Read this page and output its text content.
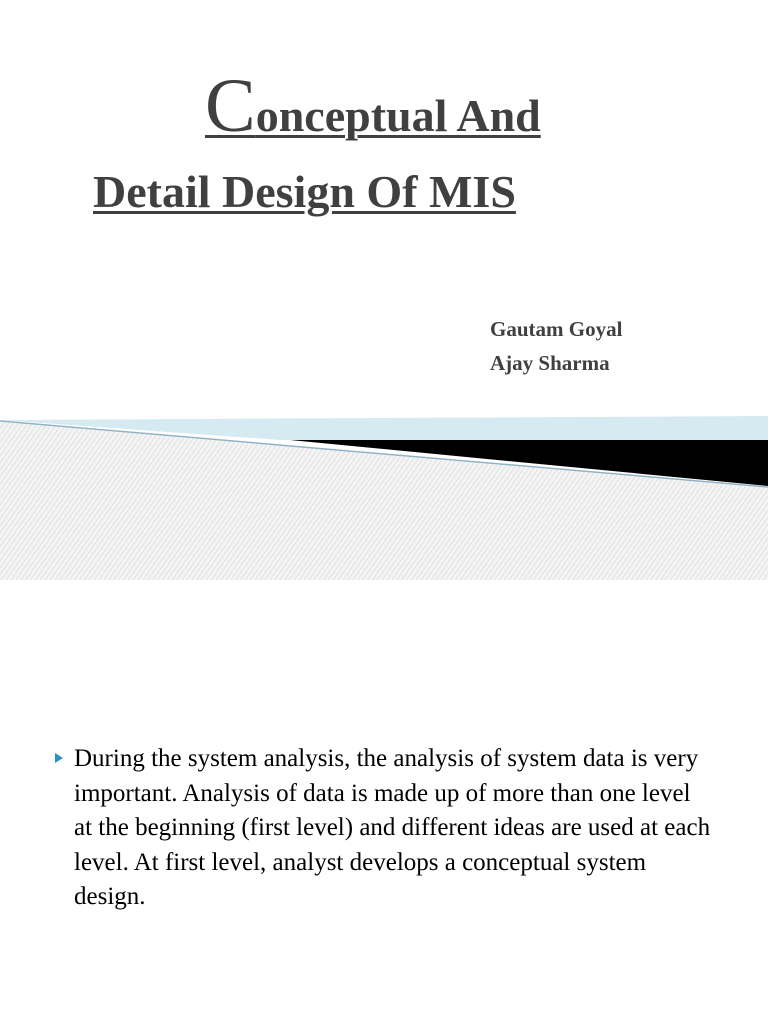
Conceptual And
Detail Design Of MIS
Gautam Goyal
Ajay Sharma
During the system analysis, the analysis of system data is very important. Analysis of data is made up of more than one level at the beginning (first level) and different ideas are used at each level. At first level, analyst develops a conceptual system design.
